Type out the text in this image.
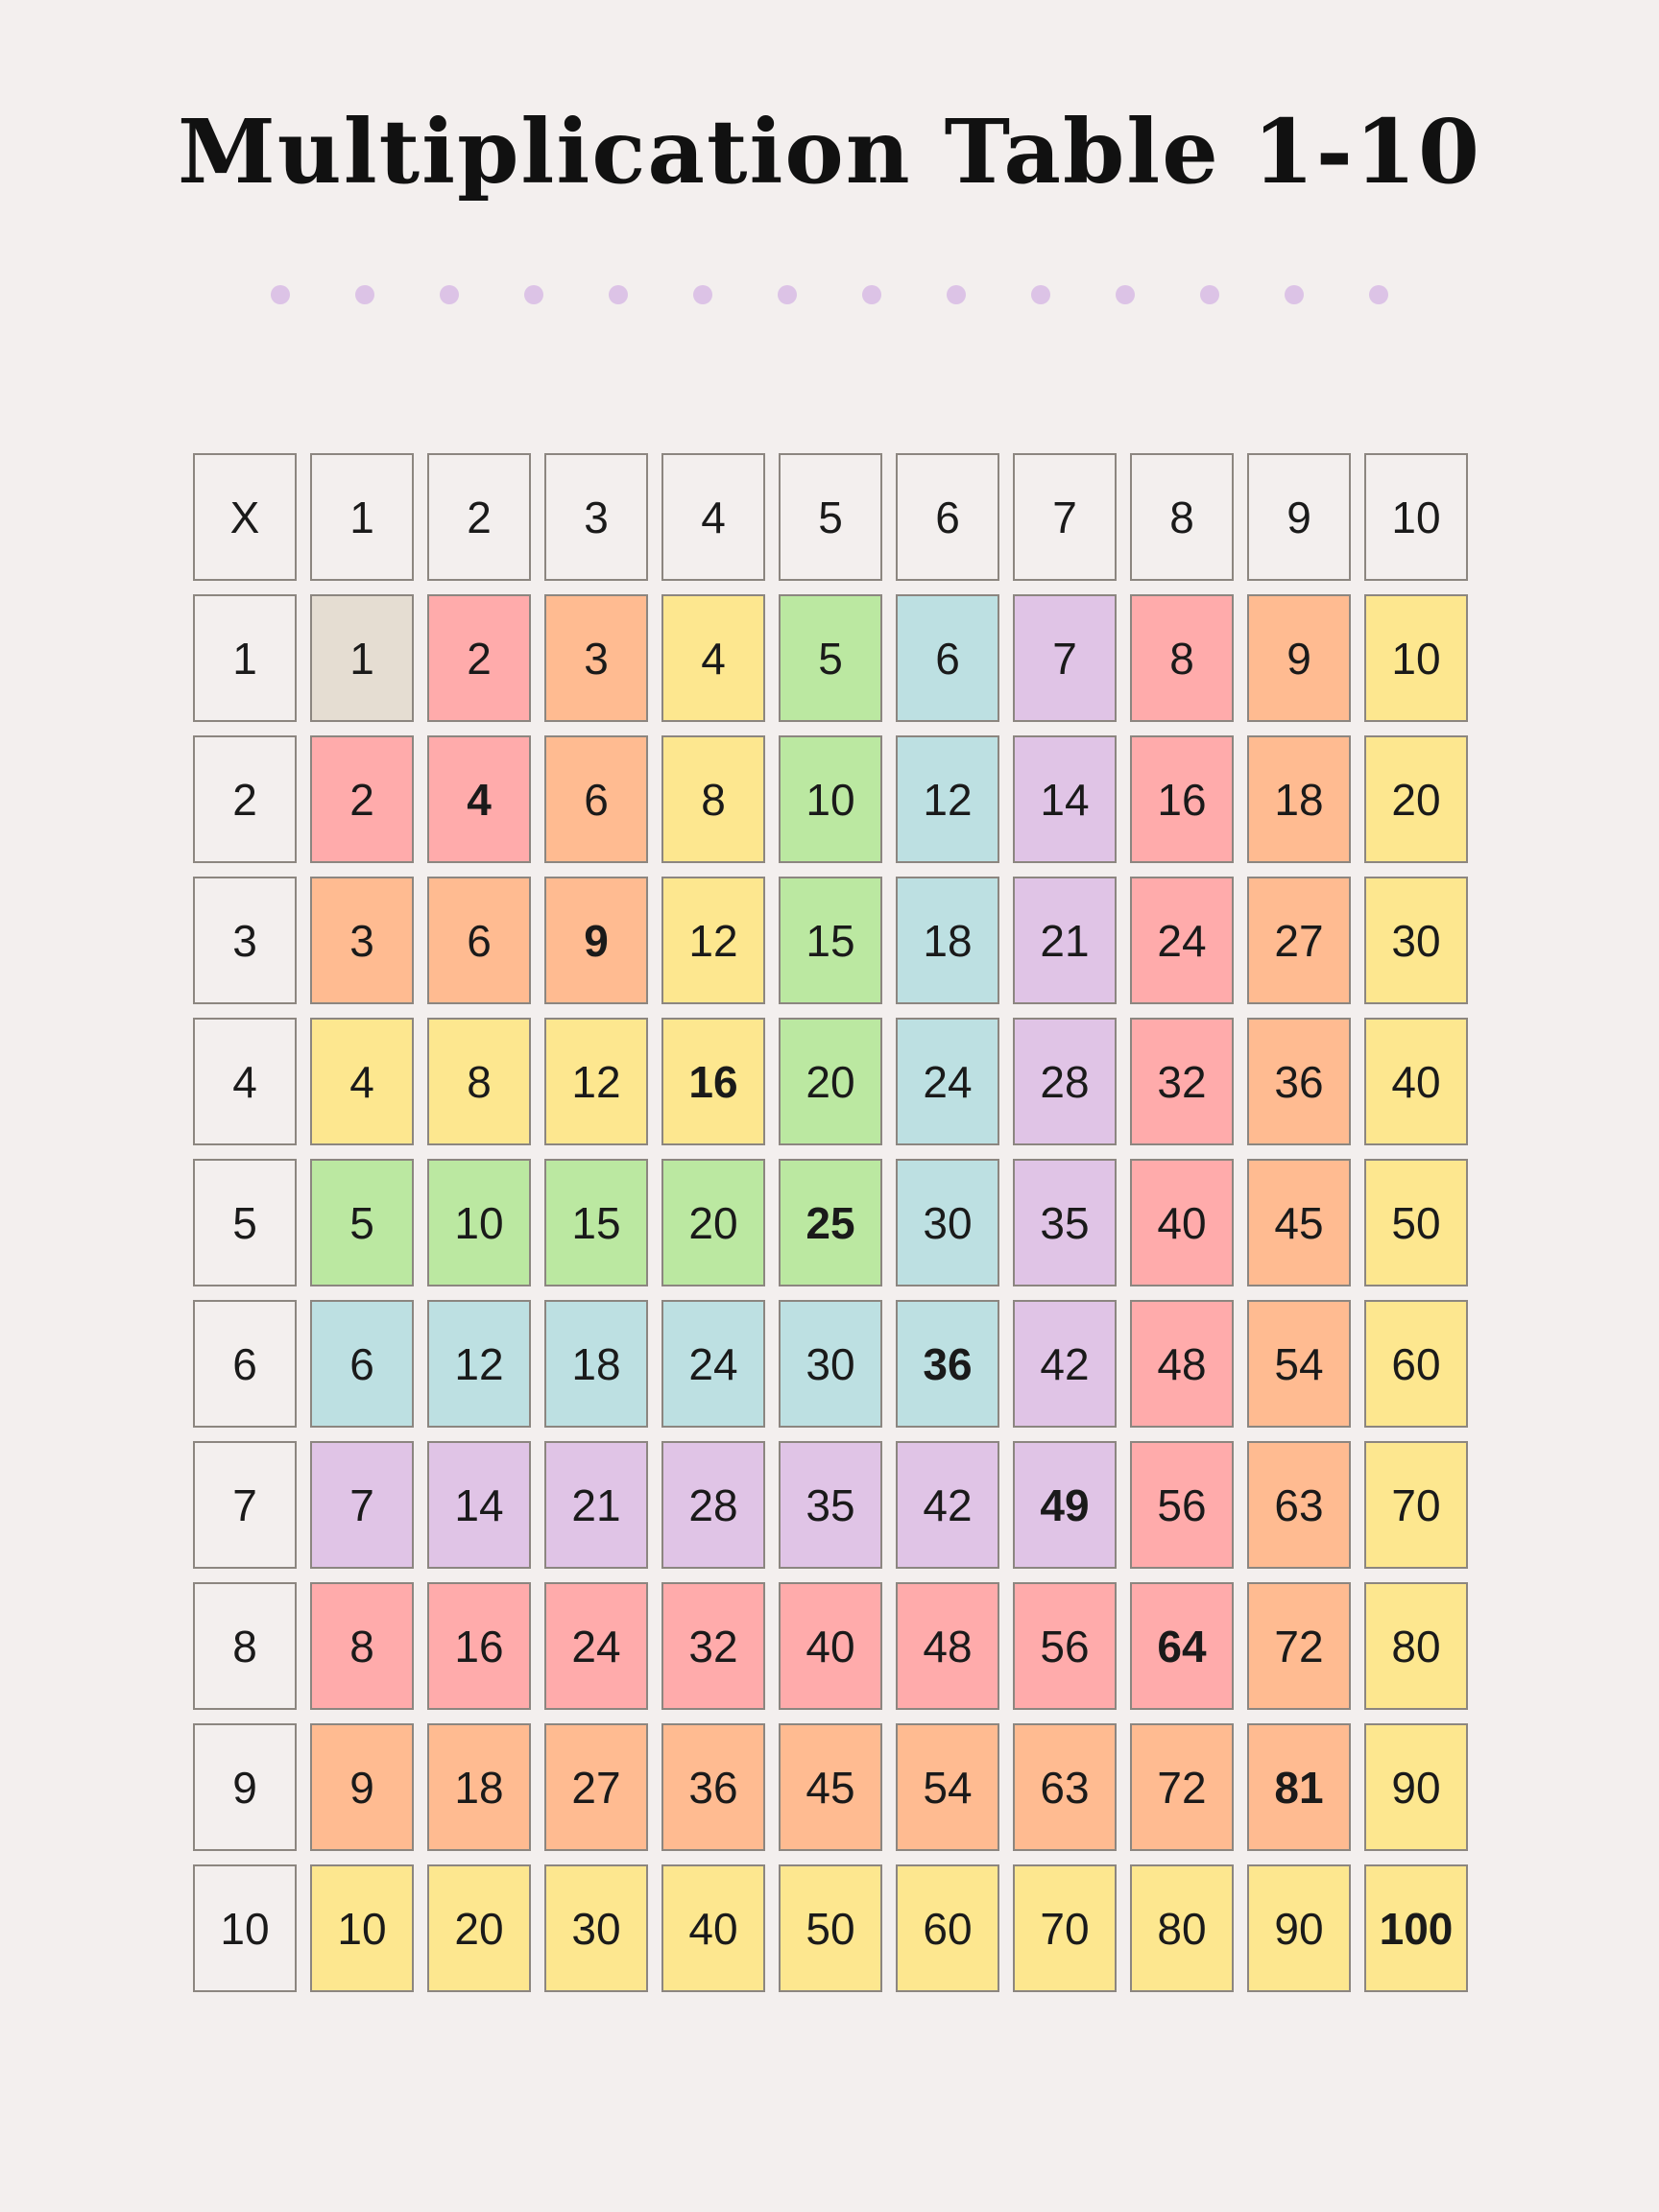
Multiplication Table 1-10
X	1	2	3	4	5	6	7	8	9	10
1	1	2	3	4	5	6	7	8	9	10
2	2	4	6	8	10	12	14	16	18	20
3	3	6	9	12	15	18	21	24	27	30
4	4	8	12	16	20	24	28	32	36	40
5	5	10	15	20	25	30	35	40	45	50
6	6	12	18	24	30	36	42	48	54	60
7	7	14	21	28	35	42	49	56	63	70
8	8	16	24	32	40	48	56	64	72	80
9	9	18	27	36	45	54	63	72	81	90
10	10	20	30	40	50	60	70	80	90	100
